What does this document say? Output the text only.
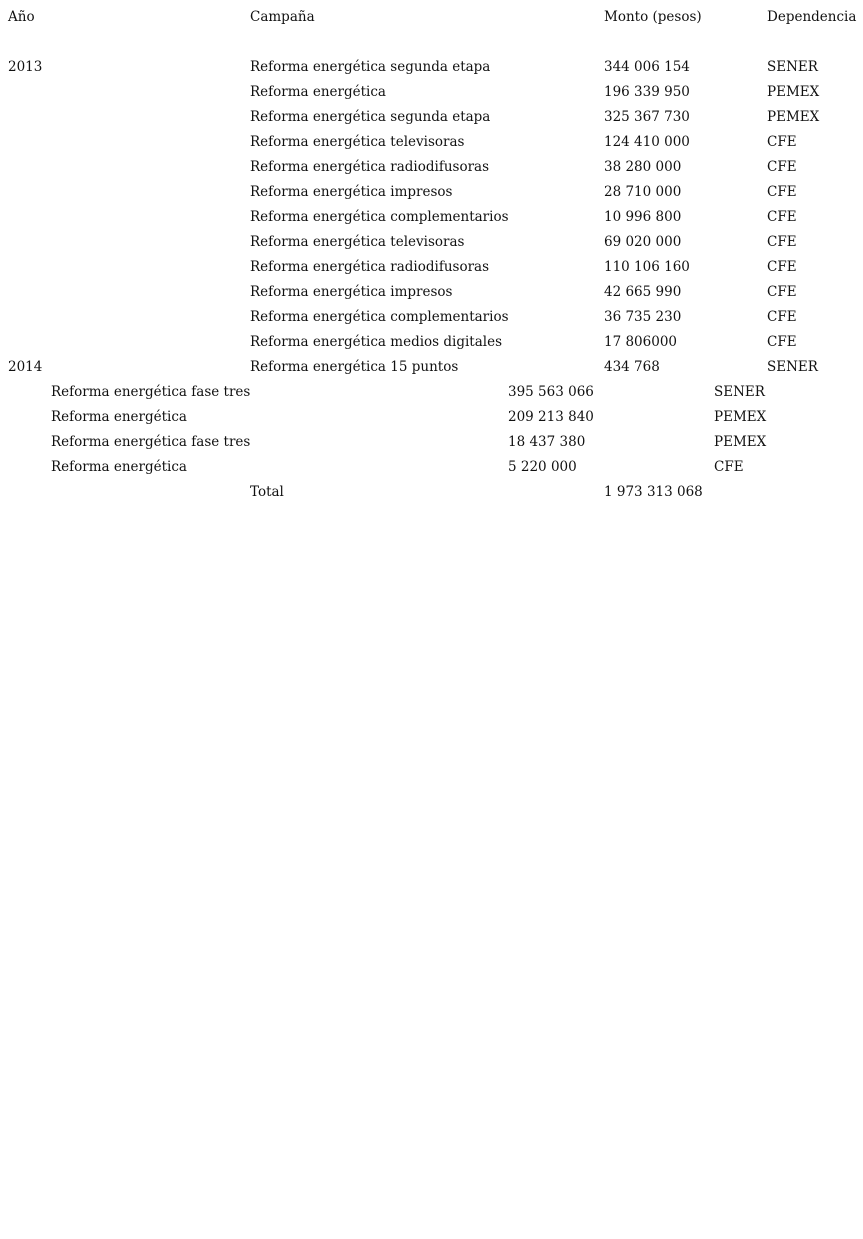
Año	Campaña	Monto (pesos)	Dependencia
2013	Reforma energética segunda etapa	344 006 154	SENER
Reforma energética	196 339 950	PEMEX
Reforma energética segunda etapa	325 367 730	PEMEX
Reforma energética televisoras	124 410 000	CFE
Reforma energética radiodifusoras	38 280 000	CFE
Reforma energética impresos	28 710 000	CFE
Reforma energética complementarios	10 996 800	CFE
Reforma energética televisoras	69 020 000	CFE
Reforma energética radiodifusoras	110 106 160	CFE
Reforma energética impresos	42 665 990	CFE
Reforma energética complementarios	36 735 230	CFE
Reforma energética medios digitales	17 806000	CFE
2014	Reforma energética 15 puntos	434 768	SENER
Reforma energética fase tres	395 563 066	SENER
Reforma energética	209 213 840	PEMEX
Reforma energética fase tres	18 437 380	PEMEX
Reforma energética	5 220 000	CFE
Total	1 973 313 068
